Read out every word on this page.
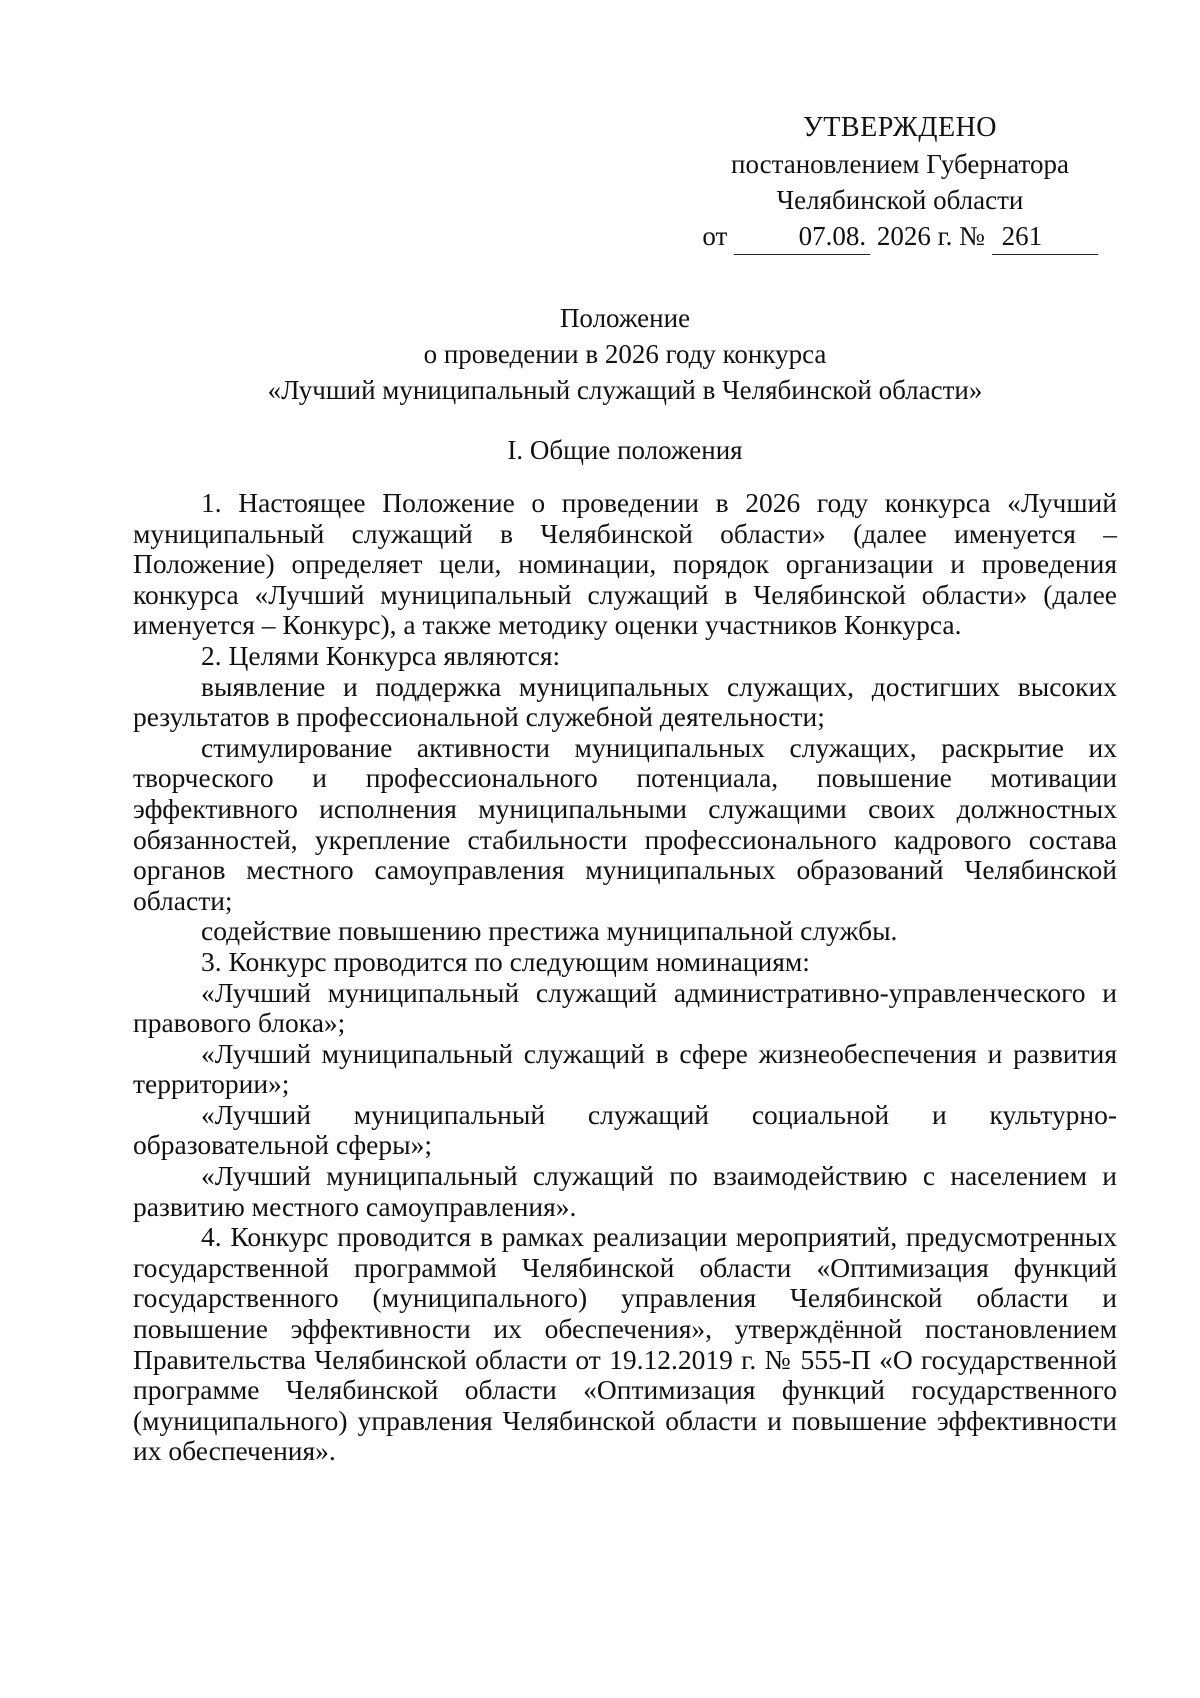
УТВЕРЖДЕНО
постановлением Губернатора
Челябинской области
от	07.08. 2026 г. № 261
Положение
о проведении в 2026 году конкурса
«Лучший муниципальный служащий в Челябинской области»
I. Общие положения

1. Настоящее Положение о проведении в 2026 году конкурса «Лучший муниципальный служащий в Челябинской области» (далее именуется – Положение) определяет цели, номинации, порядок организации и проведения конкурса «Лучший муниципальный служащий в Челябинской области» (далее именуется – Конкурс), а также методику оценки участников Конкурса.

2. Целями Конкурса являются:

выявление и поддержка муниципальных служащих, достигших высоких результатов в профессиональной служебной деятельности;

стимулирование активности муниципальных служащих, раскрытие их творческого и профессионального потенциала, повышение мотивации эффективного исполнения муниципальными служащими своих должностных обязанностей, укрепление стабильности профессионального кадрового состава органов местного самоуправления муниципальных образований Челябинской области;

содействие повышению престижа муниципальной службы.

3. Конкурс проводится по следующим номинациям:

«Лучший муниципальный служащий административно-управленческого и правового блока»;

«Лучший муниципальный служащий в сфере жизнеобеспечения и развития территории»;

«Лучший муниципальный служащий социальной и культурно-образовательной сферы»;

«Лучший муниципальный служащий по взаимодействию с населением и развитию местного самоуправления».

4. Конкурс проводится в рамках реализации мероприятий, предусмотренных государственной программой Челябинской области «Оптимизация функций государственного (муниципального) управления Челябинской области и повышение эффективности их обеспечения», утверждённой постановлением Правительства Челябинской области от 19.12.2019 г. № 555-П «О государственной программе Челябинской области «Оптимизация функций государственного (муниципального) управления Челябинской области и повышение эффективности их обеспечения».
